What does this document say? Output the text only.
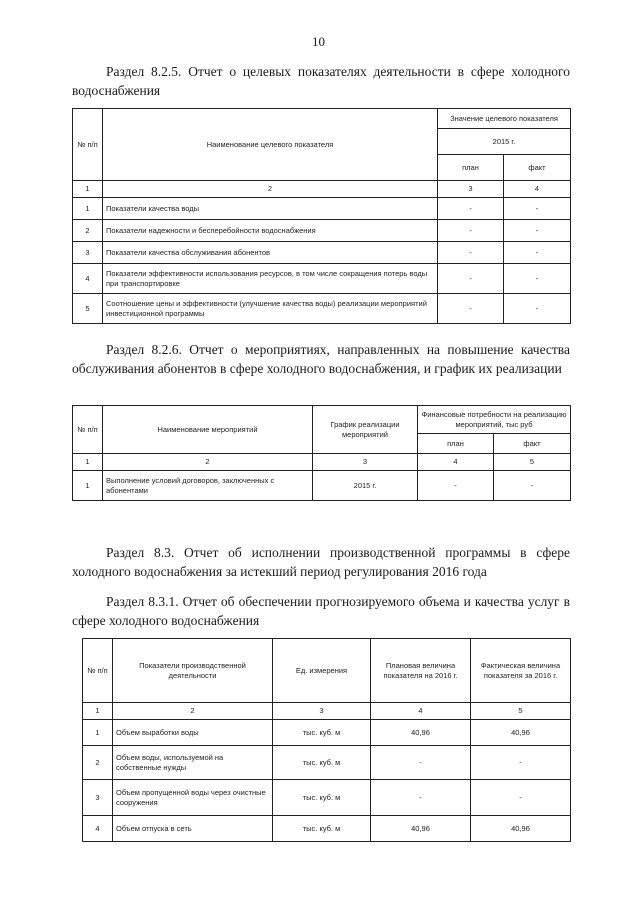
10
Раздел 8.2.5. Отчет о целевых показателях деятельности в сфере холодного водоснабжения
№ п/п	Наименование целевого показателя	Значение целевого показателя	
		2015 г.	
		план	факт
1	2	3	4
1	Показатели качества воды	-	-
2	Показатели надежности и бесперебойности водоснабжения	-	-
3	Показатели качества обслуживания абонентов	-	-
4	Показатели эффективности использования ресурсов, в том числе сокращения потерь воды при транспортировке	-	-
5	Соотношение цены и эффективности (улучшение качества воды) реализации мероприятий инвестиционной программы	-	-
Раздел 8.2.6. Отчет о мероприятиях, направленных на повышение качества обслуживания абонентов в сфере холодного водоснабжения, и график их реализации
№ п/п	Наименование мероприятий	График реализации мероприятий	Финансовые потребности на реализацию мероприятий, тыс руб	
			план	факт
1	2	3	4	5
1	Выполнение условий договоров, заключенных с абонентами	2015 г.	-	-
Раздел 8.3. Отчет об исполнении производственной программы в сфере холодного водоснабжения за истекший период регулирования 2016 года
Раздел 8.3.1. Отчет об обеспечении прогнозируемого объема и качества услуг в сфере холодного водоснабжения
№ п/п	Показатели производственной деятельности	Ед. измерения	Плановая величина показателя на 2016 г.	Фактическая величина показателя за 2016 г.
1	2	3	4	5
1	Объем выработки воды	тыс. куб. м	40,96	40,96
2	Объем воды, используемой на собственные нужды	тыс. куб. м	-	-
3	Объем пропущенной воды через очистные сооружения	тыс. куб. м	-	-
4	Объем отпуска в сеть	тыс. куб. м	40,96	40,96
